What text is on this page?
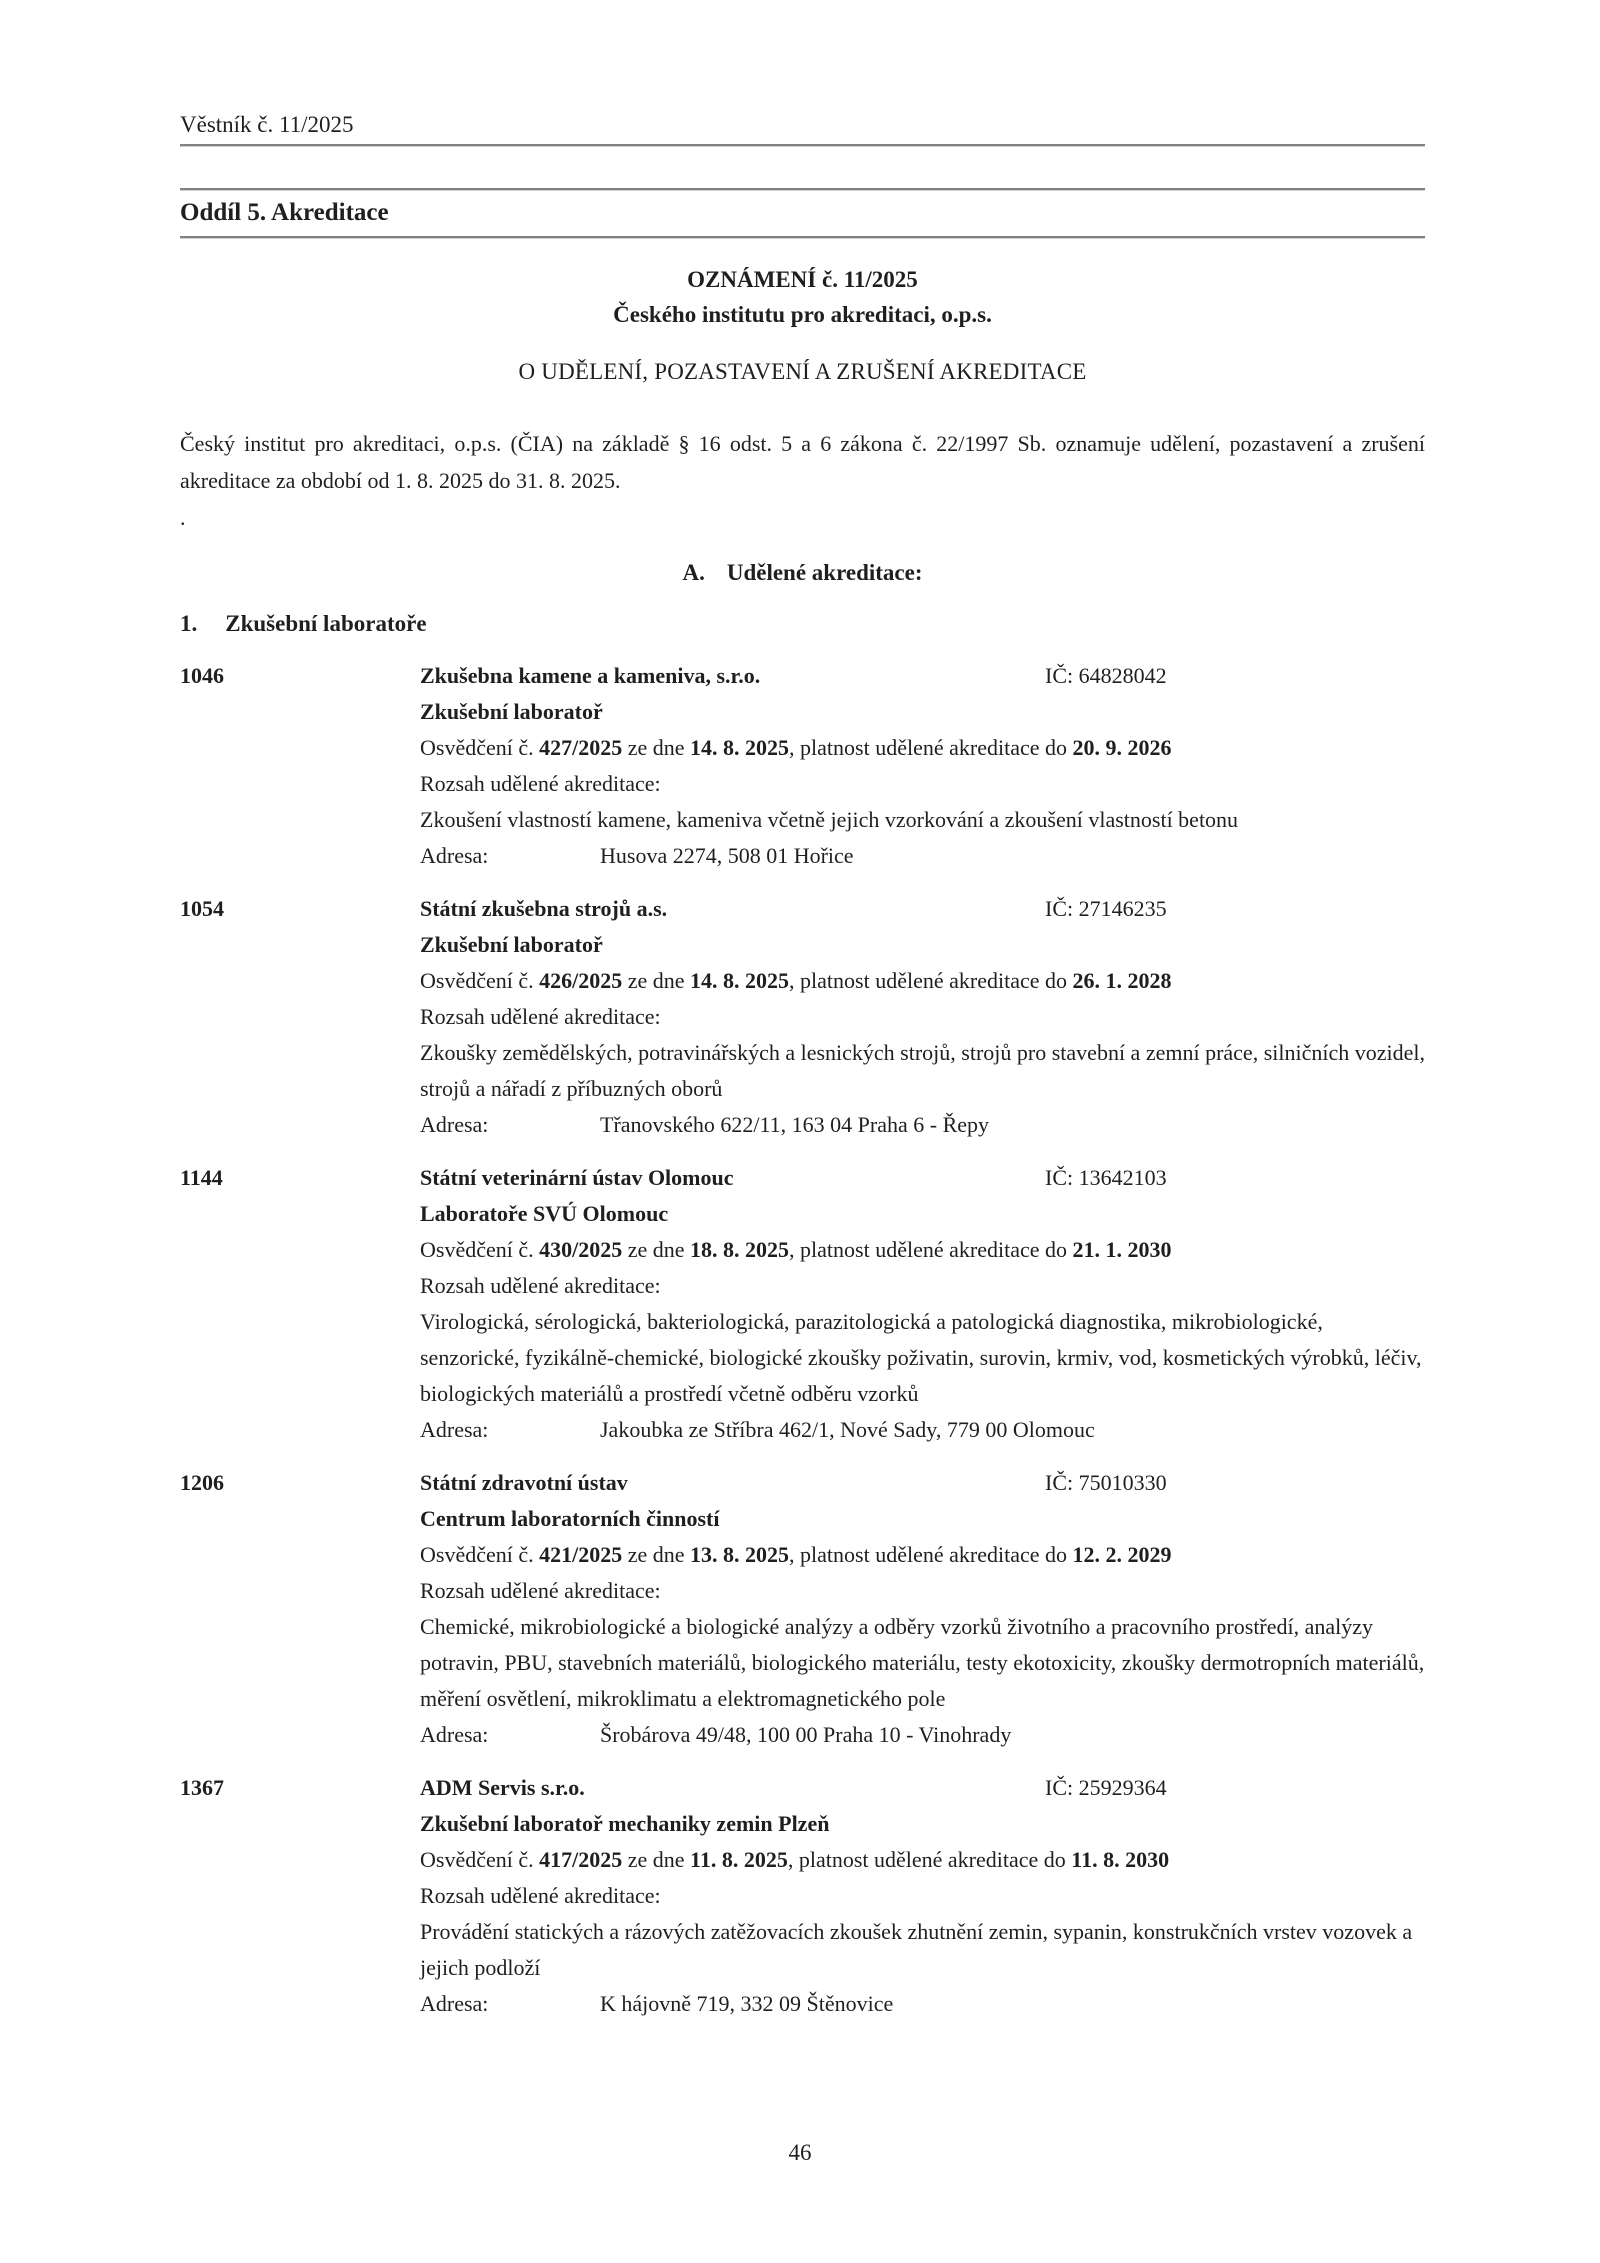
Věstník č. 11/2025
Oddíl 5. Akreditace
OZNÁMENÍ č. 11/2025
Českého institutu pro akreditaci, o.p.s.
O UDĚLENÍ, POZASTAVENÍ A ZRUŠENÍ AKREDITACE
Český institut pro akreditaci, o.p.s. (ČIA) na základě § 16 odst. 5 a 6 zákona č. 22/1997 Sb. oznamuje udělení, pozastavení a zrušení akreditace za období od 1. 8. 2025 do 31. 8. 2025.
.
A. Udělené akreditace:
1. Zkušební laboratoře
1046	Zkušebna kamene a kameniva, s.r.o.	IČ: 64828042
Zkušební laboratoř
Osvědčení č. 427/2025 ze dne 14. 8. 2025, platnost udělené akreditace do 20. 9. 2026
Rozsah udělené akreditace:
Zkoušení vlastností kamene, kameniva včetně jejich vzorkování a zkoušení vlastností betonu
Adresa:	Husova 2274, 508 01 Hořice
1054	Státní zkušebna strojů a.s.	IČ: 27146235
Zkušební laboratoř
Osvědčení č. 426/2025 ze dne 14. 8. 2025, platnost udělené akreditace do 26. 1. 2028
Rozsah udělené akreditace:
Zkoušky zemědělských, potravinářských a lesnických strojů, strojů pro stavební a zemní práce, silničních vozidel, strojů a nářadí z příbuzných oborů
Adresa:	Třanovského 622/11, 163 04 Praha 6 - Řepy
1144	Státní veterinární ústav Olomouc	IČ: 13642103
Laboratoře SVÚ Olomouc
Osvědčení č. 430/2025 ze dne 18. 8. 2025, platnost udělené akreditace do 21. 1. 2030
Rozsah udělené akreditace:
Virologická, sérologická, bakteriologická, parazitologická a patologická diagnostika, mikrobiologické, senzorické, fyzikálně-chemické, biologické zkoušky poživatin, surovin, krmiv, vod, kosmetických výrobků, léčiv, biologických materiálů a prostředí včetně odběru vzorků
Adresa:	Jakoubka ze Stříbra 462/1, Nové Sady, 779 00 Olomouc
1206	Státní zdravotní ústav	IČ: 75010330
Centrum laboratorních činností
Osvědčení č. 421/2025 ze dne 13. 8. 2025, platnost udělené akreditace do 12. 2. 2029
Rozsah udělené akreditace:
Chemické, mikrobiologické a biologické analýzy a odběry vzorků životního a pracovního prostředí, analýzy potravin, PBU, stavebních materiálů, biologického materiálu, testy ekotoxicity, zkoušky dermotropních materiálů, měření osvětlení, mikroklimatu a elektromagnetického pole
Adresa:	Šrobárova 49/48, 100 00 Praha 10 - Vinohrady
1367	ADM Servis s.r.o.	IČ: 25929364
Zkušební laboratoř mechaniky zemin Plzeň
Osvědčení č. 417/2025 ze dne 11. 8. 2025, platnost udělené akreditace do 11. 8. 2030
Rozsah udělené akreditace:
Provádění statických a rázových zatěžovacích zkoušek zhutnění zemin, sypanin, konstrukčních vrstev vozovek a jejich podloží
Adresa:	K hájovně 719, 332 09 Štěnovice
46
